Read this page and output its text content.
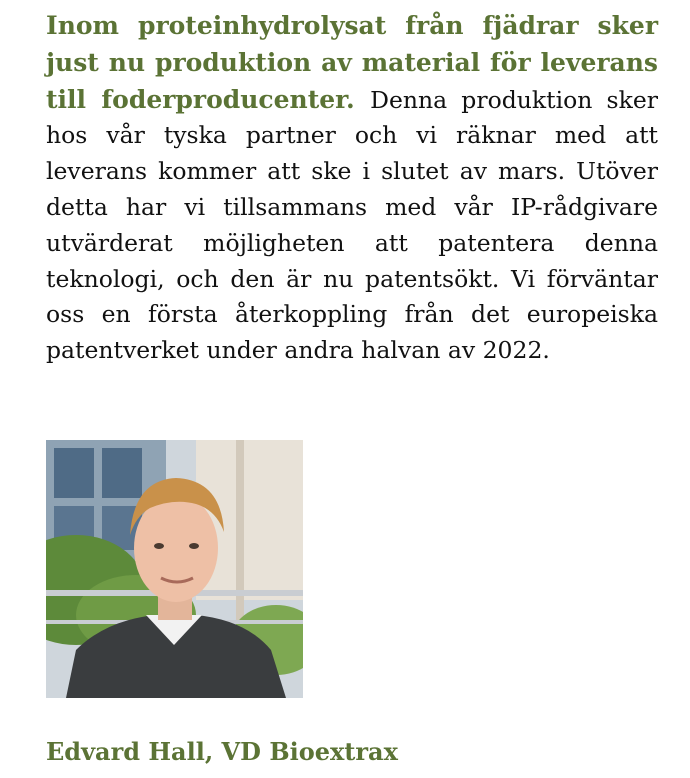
Inom proteinhydrolysat från fjädrar sker just nu produktion av material för leverans till foderproducenter. Denna produktion sker hos vår tyska partner och vi räknar med att leverans kommer att ske i slutet av mars. Utöver detta har vi tillsammans med vår IP-rådgivare utvärderat möjligheten att patentera denna teknologi, och den är nu patentsökt. Vi förväntar oss en första återkoppling från det europeiska patentverket under andra halvan av 2022.
Edvard Hall, VD Bioextrax
